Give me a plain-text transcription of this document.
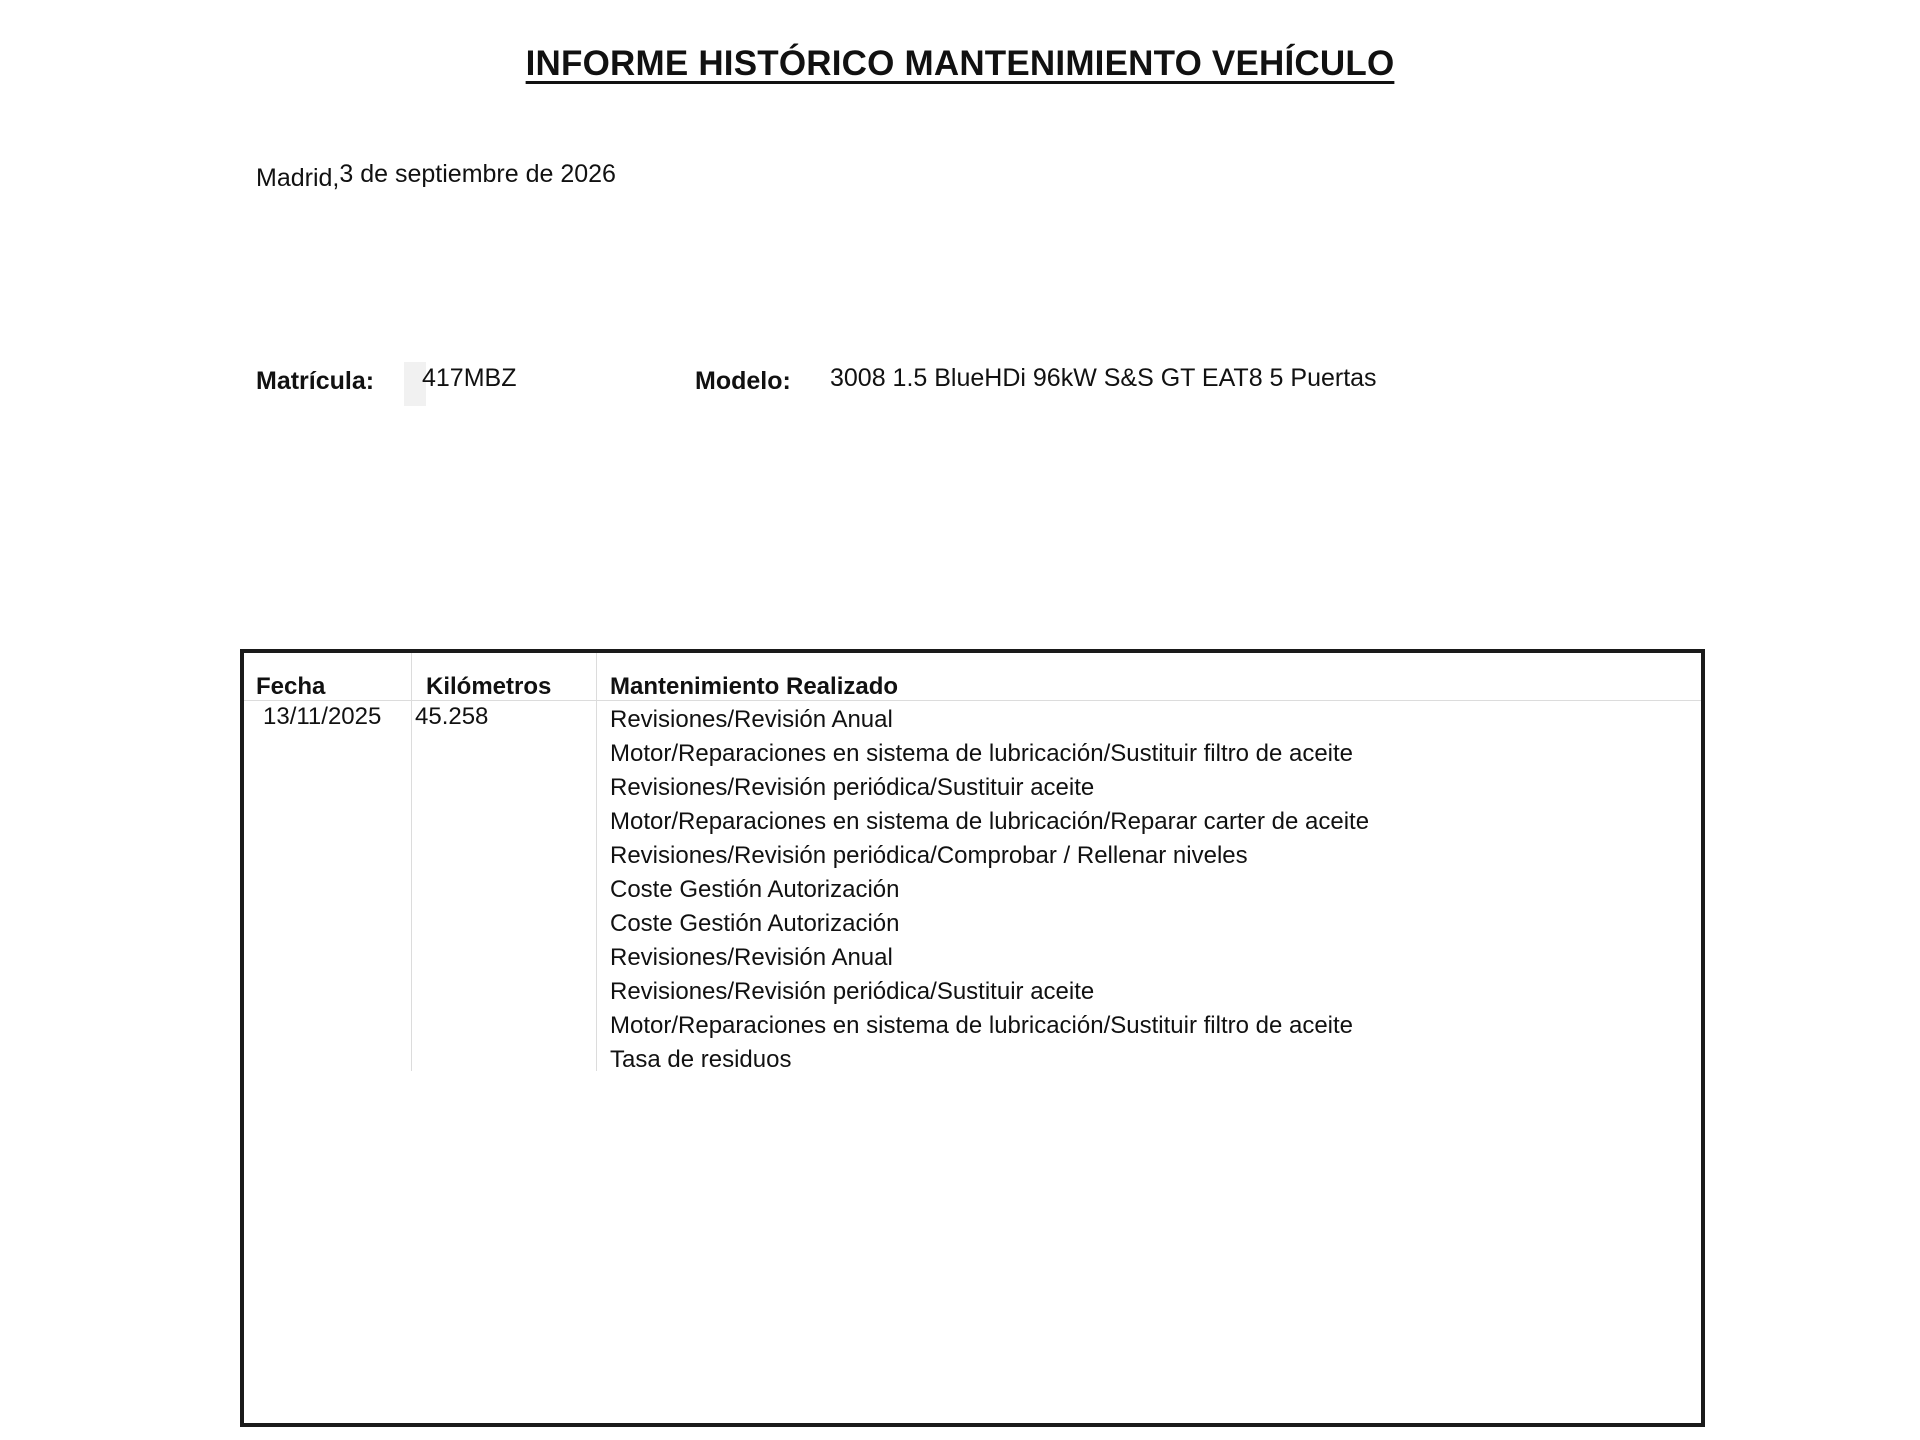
INFORME HISTÓRICO MANTENIMIENTO VEHÍCULO
Madrid,3 de septiembre de 2026
Matrícula: 417MBZ	Modelo: 3008 1.5 BlueHDi 96kW S&S GT EAT8 5 Puertas
Fecha	Kilómetros Mantenimiento Realizado
13/11/2025 45.258	Revisiones/Revisión Anual
Motor/Reparaciones en sistema de lubricación/Sustituir filtro de aceite
Revisiones/Revisión periódica/Sustituir aceite
Motor/Reparaciones en sistema de lubricación/Reparar carter de aceite
Revisiones/Revisión periódica/Comprobar / Rellenar niveles
Coste Gestión Autorización
Coste Gestión Autorización
Revisiones/Revisión Anual
Revisiones/Revisión periódica/Sustituir aceite
Motor/Reparaciones en sistema de lubricación/Sustituir filtro de aceite
Tasa de residuos
